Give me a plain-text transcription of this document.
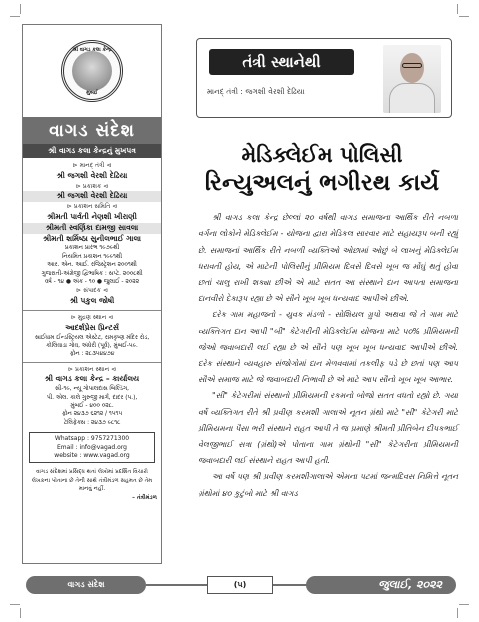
શ્રી વાગડ કલા કેન્દ્ર
મુંબઈ
વાગડ સંદેશ
શ્રી વાગડ કલા કેન્દ્રનું મુખપત્ર
⊳ માનદ્ તંત્રી ⊲
શ્રી જગશી વેરશી દેઢિયા
⊳ પ્રકાશક ⊲
શ્રી જગશી વેરશી દેઢિયા
⊳ પ્રકાશન સમિતિ ⊲
શ્રીમતી પાર્વતી નેણશી ખીરાણી
શ્રીમતી સ્વર્ણિકા દામજી સાવલા
શ્રીમતી શર્મિષ્ઠા સુનીલભાઈ ગાલા
પ્રકાશન પ્રારંભ ૧૯૭૯થી
નિયમિત પ્રકાશન ૧૯૯૧થી
આર. એન. આઈ. રજિસ્ટ્રેશન ૨૦૦૧થી
ગુજરાતી-અંગ્રેજી દ્વિભાષિક : સપ્ટે. ૨૦૦૮થી
વર્ષ - ૧૪ ● અંક - ૧૦ ● જુલાઈ - ૨૦૨૨
⊳ સંપાદક ⊲
શ્રી પકુલ જોષી
⊳ મુદ્રણ સ્થાન ⊲
આદર્શપ્રેસ પ્રિન્ટર્સ
સાઈધામ ઈન્ડસ્ટ્રિયલ એસ્ટેટ, રામકૃષ્ણ મંદિર રોડ, કોલિવાડા ગોવ, અંધેરી (પૂર્વ), મુંબઈ-૫૯.
ફોન : ૨૮૩૫૪૪૭૪
⊳ પ્રકાશન સ્થાન ⊲
શ્રી વાગડ કલા કેન્દ્ર – કાર્યાલય
સી-૧૯, ન્યૂ ગોપાલદાસ બિલ્ડિંગ,
પી. એલ. કાલે ગુરુજી માર્ગ, દાદર (પ.),
મુંબઈ - ૪૦૦ ૦૨૮.
ફોન ૨૪૩૭ ૬૨૧૨ / ૧૫૧૫
ટેલિફેક્સ : ૨૪૩૭ ૯૮૧૮
Whatsapp : 9757271300
Email : info@vagad.org
website : www.vagad.org
વાગડ સંદેશમાં પ્રસિદ્ધ થતાં લેખોમાં પ્રદર્શિત વિચારો લેખકના પોતાના છે તેની સાથે તંત્રીમંડળ સહમત છે તેમ માનવું નહીં.
– તંત્રીમંડળ
તંત્રી સ્થાનેથી
માનદ્ તંત્રી : જગશી વેરશી દેઢિયા
મેડિક્લેઈમ પોલિસી
રિન્યુઅલનું ભગીરથ કાર્ય

શ્રી વાગડ કલા કેન્દ્ર છેલ્લાં ૨૦ વર્ષથી વાગડ સમાજના આર્થિક રીતે નબળા વર્ગના લોકોને મેડિક્લેઈમ - યોજના દ્વારા મેડિકલ સારવાર માટે સહાયરૂપ બની રહ્યું છે. સમાજનાં આર્થિક રીતે નબળી વ્યક્તિઓ ઓછામાં ઓછું બે લાખનું મેડિક્લેઈમ ધરાવતી હોય, એ માટેની પોલિસીનું પ્રીમિયમ દિવસે દિવસે ખૂબ જ મોંઘું થતું હોવા છતાં ચાલુ રાખી શક્યા છીએ એ માટે સતત આ સંસ્થાને દાન આપતા સમાજના દાનવીરો દેકારૂપ રહ્યા છે એ સૌને ખૂબ ખૂબ ધન્યવાદ આપીએ છીએ.

દરેક ગામ મહાજનો - યુવક મંડળો - સોશિયલ ગ્રુપો અથવા જે તે ગામ માટે વ્યક્તિગત દાન આપી "બી" કેટેગરીની મેડિક્લેઈમ યોજના માટે ૫૦% પ્રીમિયમની જેઓ જવાબદારી લઈ રહ્યા છે એ સૌને પણ ખૂબ ખૂબ ધન્યવાદ આપીએ છીએ. દરેક સંસ્થાને વ્યવહારુ સંજોગોમાં દાન મેળવવામાં તકલીફ પડે છે છતાં પણ આપ સૌએ સમાજ માટે જે જવાબદારી નિભાવી છે એ માટે આપ સૌનો ખૂબ ખૂબ આભાર.

"સી" કેટેગરીમાં સંસ્થાનો પ્રીમિયમની રકમનો બોજો સતત વધતો રહ્યો છે. ગયા વર્ષે વ્યક્તિગત રીતે શ્રી પ્રવીણ કરમશી ગાલાએ નૂતન ગ્રંથો માટે "સી" કેટેગરી માટે પ્રીમિયમના પૈસા ભરી સંસ્થાને રાહત આપી તે જ પ્રમાણે શ્રીમતી પ્રીતિબેન દીપકભાઈ વેલજીભાઈ સત્રા (ગ્રંથો)એ પોતાના ગામ ગ્રંથોની "સી" કેટેગરીના પ્રીમિયમની જવાબદારી લઈ સંસ્થાને રાહત આપી હતી.

આ વર્ષે પણ શ્રી પ્રવીણ કરમશીગાલાએ એમના પટમાં જન્મદિવસ નિમિત્તે નૂતન ગ્રંથોમાં ૪૦ કુટુંબો માટે શ્રી વાગડ

વાગડ સંદેશ	(૫)	જુલાઈ, ૨૦૨૨
